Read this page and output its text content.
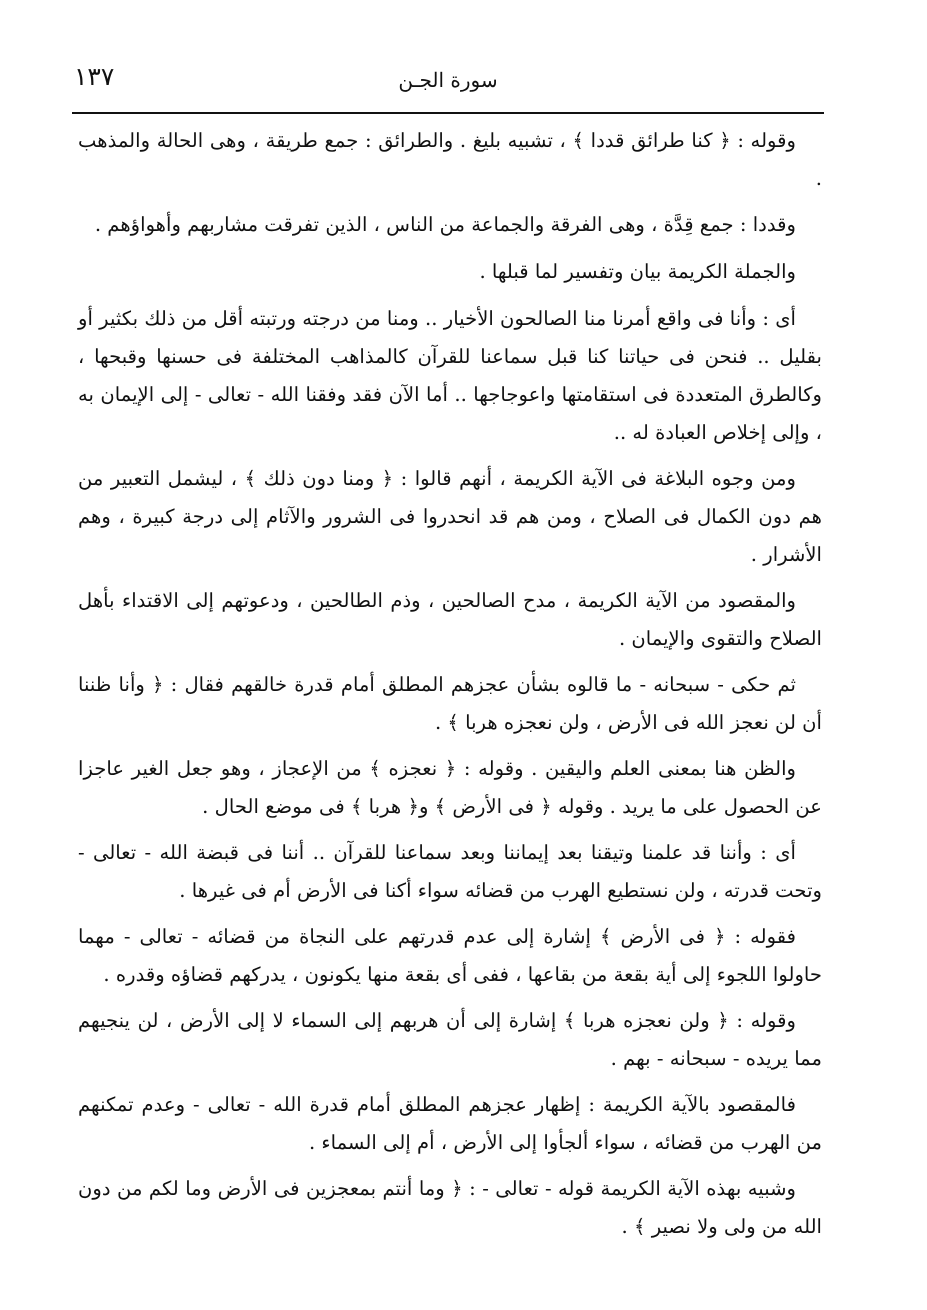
١٣٧	سورة الجـن

وقوله : ﴿ كنا طرائق قددا ﴾ ، تشبيه بليغ . والطرائق : جمع طريقة ، وهى الحالة والمذهب .

وقددا : جمع قِدَّة ، وهى الفرقة والجماعة من الناس ، الذين تفرقت مشاربهم وأهواؤهم .

والجملة الكريمة بيان وتفسير لما قبلها .

أى : وأنا فى واقع أمرنا منا الصالحون الأخيار .. ومنا من درجته ورتبته أقل من ذلك بكثير أو بقليل .. فنحن فى حياتنا كنا قبل سماعنا للقرآن كالمذاهب المختلفة فى حسنها وقبحها ، وكالطرق المتعددة فى استقامتها واعوجاجها .. أما الآن فقد وفقنا الله - تعالى - إلى الإيمان به ، وإلى إخلاص العبادة له ..

ومن وجوه البلاغة فى الآية الكريمة ، أنهم قالوا : ﴿ ومنا دون ذلك ﴾ ، ليشمل التعبير من هم دون الكمال فى الصلاح ، ومن هم قد انحدروا فى الشرور والآثام إلى درجة كبيرة ، وهم الأشرار .

والمقصود من الآية الكريمة ، مدح الصالحين ، وذم الطالحين ، ودعوتهم إلى الاقتداء بأهل الصلاح والتقوى والإيمان .

ثم حكى - سبحانه - ما قالوه بشأن عجزهم المطلق أمام قدرة خالقهم فقال : ﴿ وأنا ظننا أن لن نعجز الله فى الأرض ، ولن نعجزه هربا ﴾ .

والظن هنا بمعنى العلم واليقين . وقوله : ﴿ نعجزه ﴾ من الإعجاز ، وهو جعل الغير عاجزا عن الحصول على ما يريد . وقوله ﴿ فى الأرض ﴾ و﴿ هربا ﴾ فى موضع الحال .

أى : وأننا قد علمنا وتيقنا بعد إيماننا وبعد سماعنا للقرآن .. أننا فى قبضة الله - تعالى - وتحت قدرته ، ولن نستطيع الهرب من قضائه سواء أكنا فى الأرض أم فى غيرها .

فقوله : ﴿ فى الأرض ﴾ إشارة إلى عدم قدرتهم على النجاة من قضائه - تعالى - مهما حاولوا اللجوء إلى أية بقعة من بقاعها ، ففى أى بقعة منها يكونون ، يدركهم قضاؤه وقدره .

وقوله : ﴿ ولن نعجزه هربا ﴾ إشارة إلى أن هربهم إلى السماء لا إلى الأرض ، لن ينجيهم مما يريده - سبحانه - بهم .

فالمقصود بالآية الكريمة : إظهار عجزهم المطلق أمام قدرة الله - تعالى - وعدم تمكنهم من الهرب من قضائه ، سواء ألجأوا إلى الأرض ، أم إلى السماء .

وشبيه بهذه الآية الكريمة قوله - تعالى - : ﴿ وما أنتم بمعجزين فى الأرض وما لكم من دون الله من ولى ولا نصير ﴾ .
